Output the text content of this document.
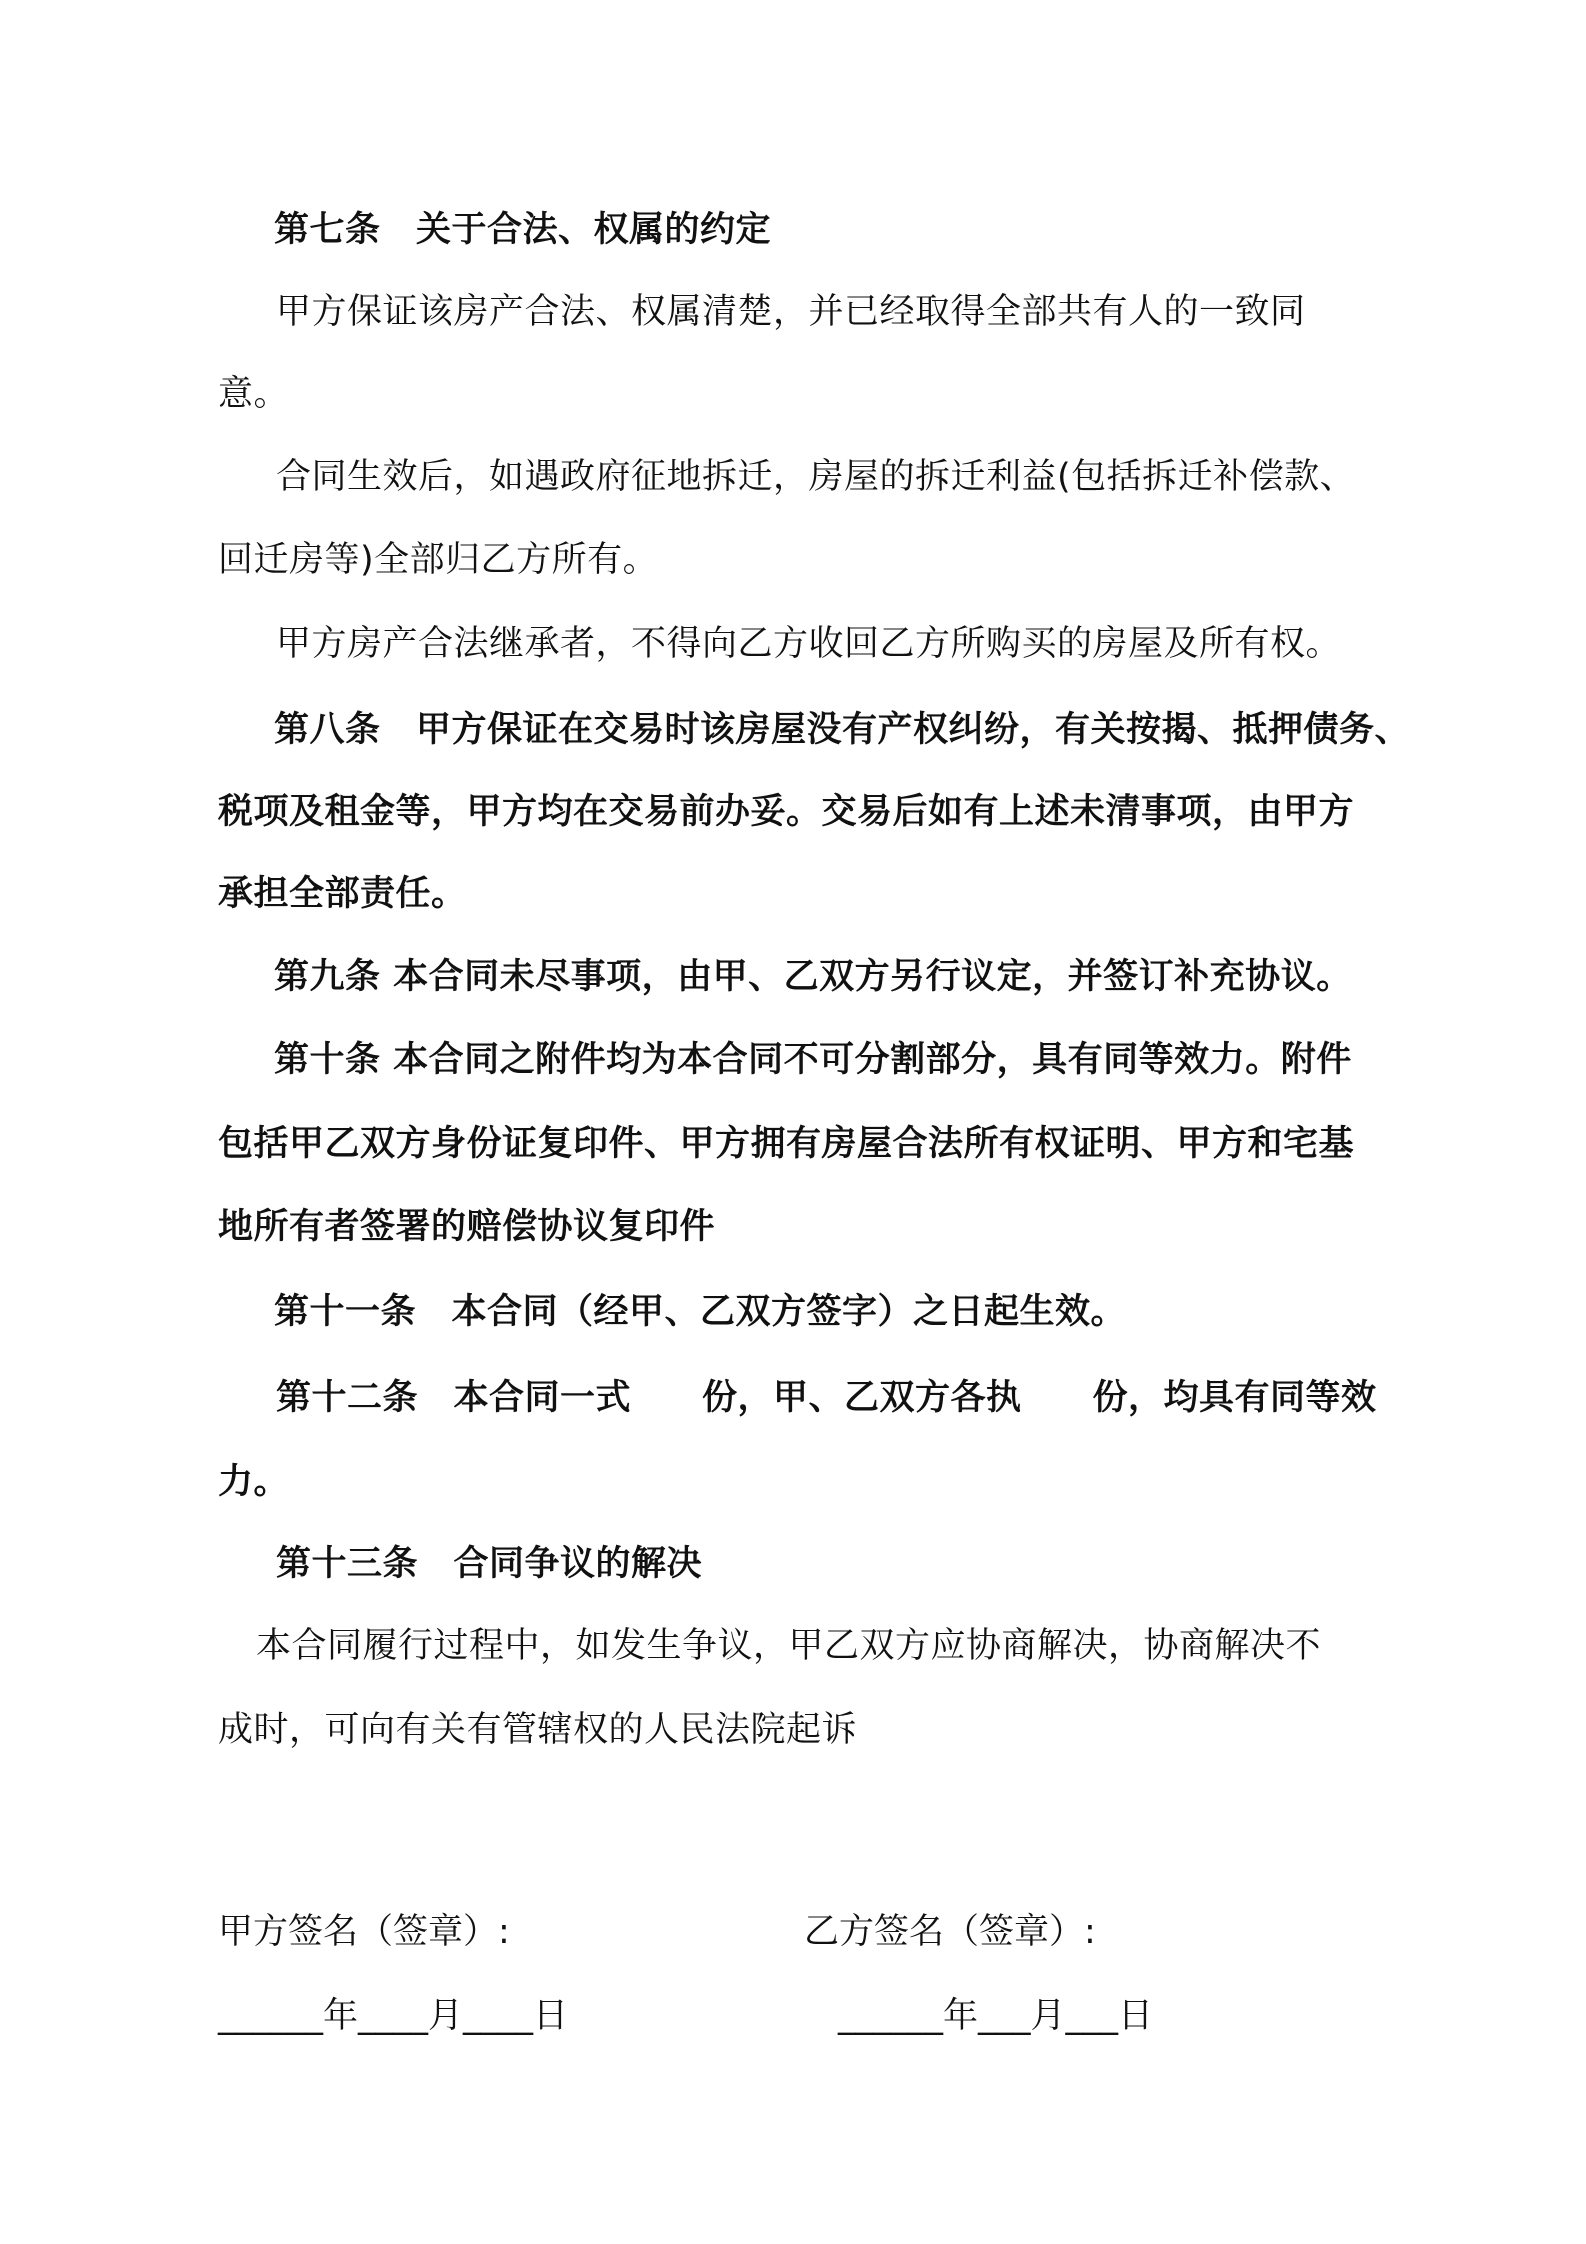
第七条　关于合法、权属的约定
甲方保证该房产合法、权属清楚，并已经取得全部共有人的一致同
意。
合同生效后，如遇政府征地拆迁，房屋的拆迁利益(包括拆迁补偿款、
回迁房等)全部归乙方所有。
甲方房产合法继承者，不得向乙方收回乙方所购买的房屋及所有权。
第八条　甲方保证在交易时该房屋没有产权纠纷，有关按揭、抵押债务、
税项及租金等，甲方均在交易前办妥。交易后如有上述未清事项，由甲方
承担全部责任。
第九条 本合同未尽事项，由甲、乙双方另行议定，并签订补充协议。
第十条 本合同之附件均为本合同不可分割部分，具有同等效力。附件
包括甲乙双方身份证复印件、甲方拥有房屋合法所有权证明、甲方和宅基
地所有者签署的赔偿协议复印件
第十一条　本合同（经甲、乙双方签字）之日起生效。
第十二条　本合同一式　　份，甲、乙双方各执　　份，均具有同等效
力。
第十三条　合同争议的解决
本合同履行过程中，如发生争议，甲乙双方应协商解决，协商解决不
成时，可向有关有管辖权的人民法院起诉
甲方签名（签章）:	乙方签名（签章）:
______年____月____日	______年___月___日
